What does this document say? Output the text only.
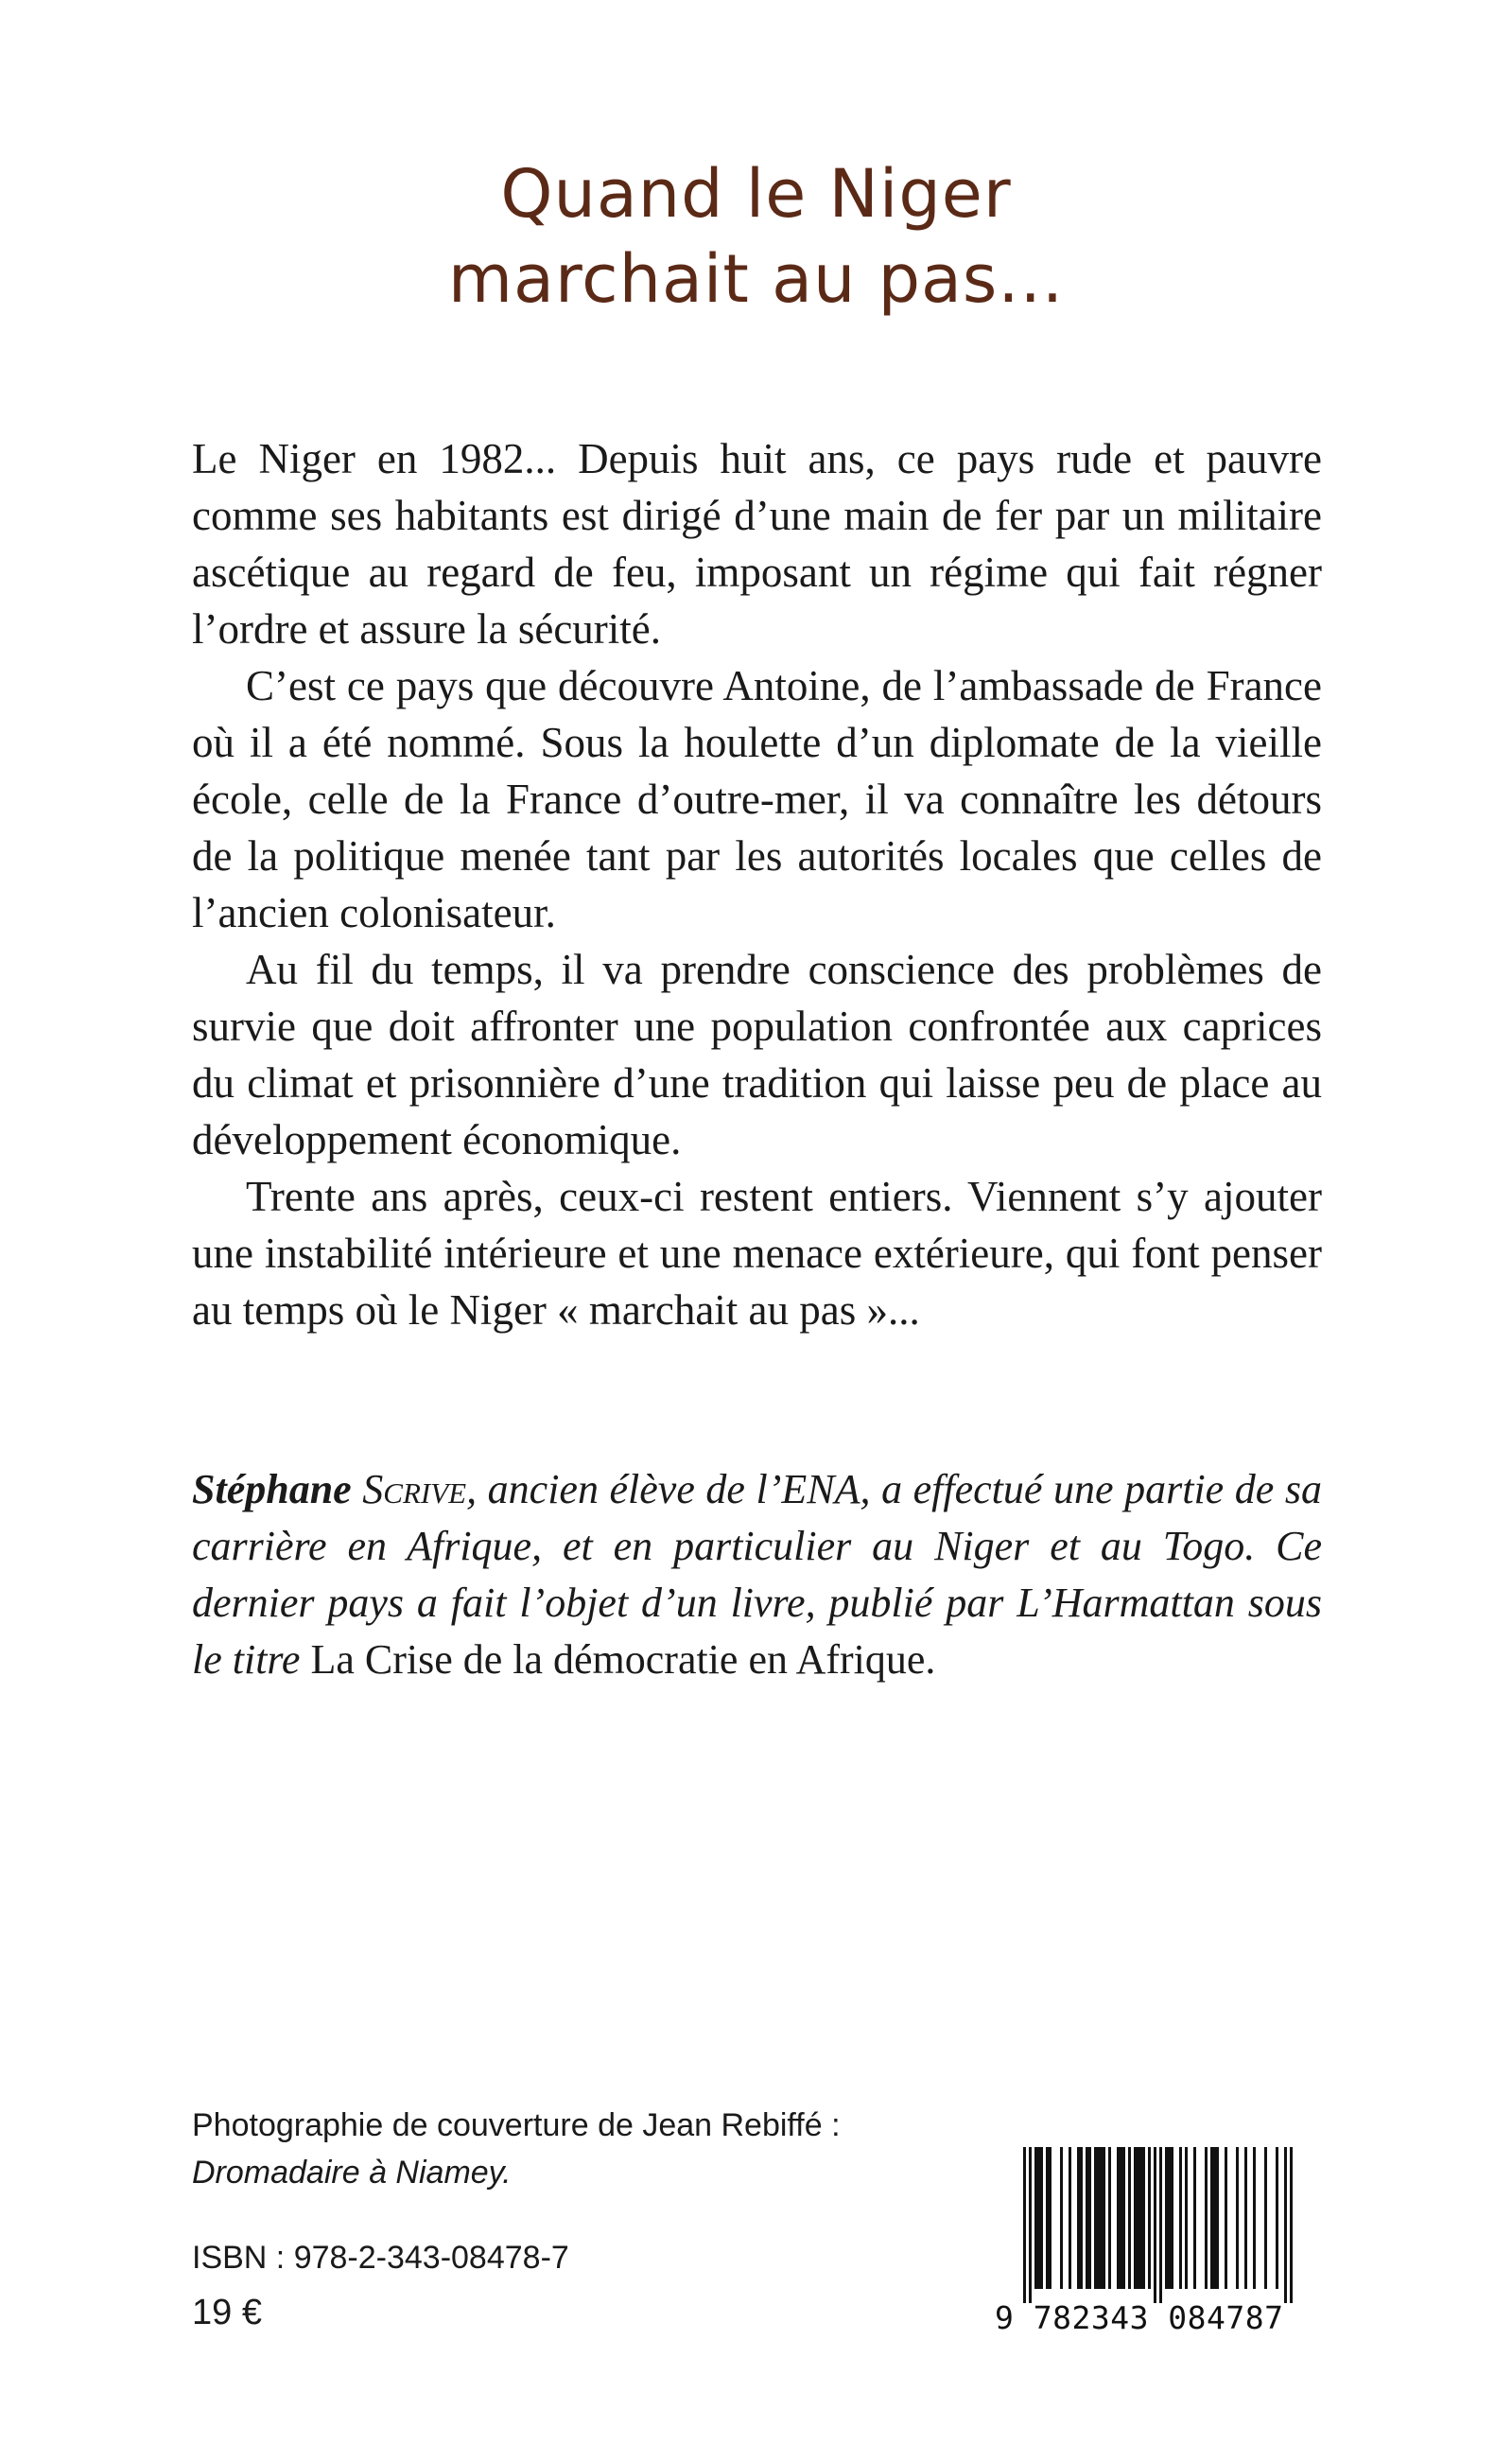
Quand le Niger
marchait au pas...

Le Niger en 1982... Depuis huit ans, ce pays rude et pauvre comme ses habitants est dirigé d’une main de fer par un militaire ascétique au regard de feu, imposant un régime qui fait régner l’ordre et assure la sécurité.

C’est ce pays que découvre Antoine, de l’ambassade de France où il a été nommé. Sous la houlette d’un diplomate de la vieille école, celle de la France d’outre-mer, il va connaître les détours de la politique menée tant par les autorités locales que celles de l’ancien colonisateur.

Au fil du temps, il va prendre conscience des problèmes de survie que doit affronter une population confrontée aux caprices du climat et prisonnière d’une tradition qui laisse peu de place au développement économique.

Trente ans après, ceux-ci restent entiers. Viennent s’y ajouter une instabilité intérieure et une menace extérieure, qui font penser au temps où le Niger « marchait au pas »...

Stéphane Scrive, ancien élève de l’ENA, a effectué une partie de sa carrière en Afrique, et en particulier au Niger et au Togo. Ce dernier pays a fait l’objet d’un livre, publié par L’Harmattan sous le titre La Crise de la démocratie en Afrique.
Photographie de couverture de Jean Rebiffé :
Dromadaire à Niamey.
ISBN : 978-2-343-08478-7
19 €	9 782343 084787
